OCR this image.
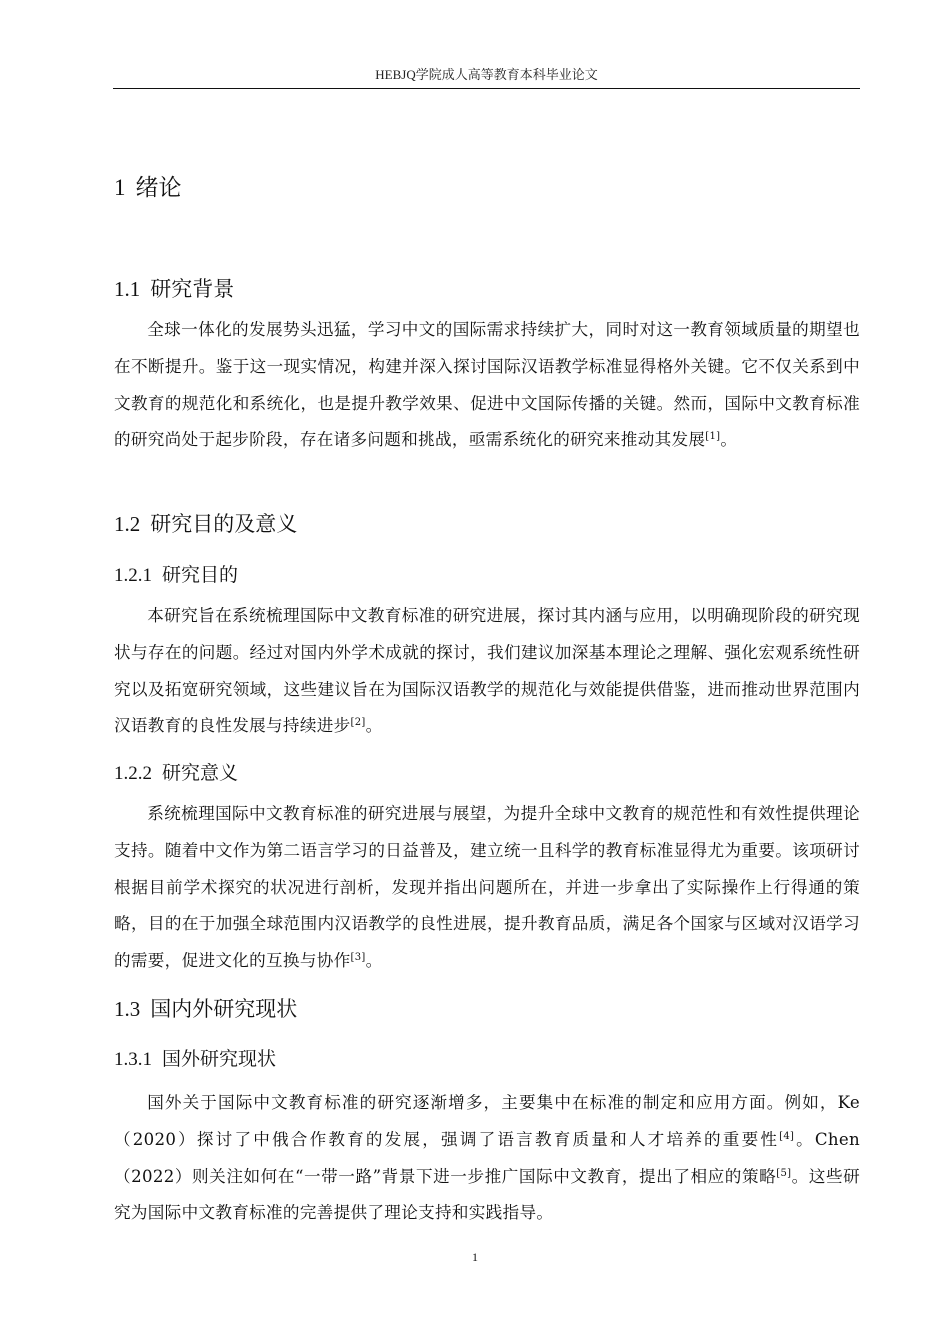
HEBJQ学院成人高等教育本科毕业论文
1 绪论
1.1 研究背景

全球一体化的发展势头迅猛，学习中文的国际需求持续扩大，同时对这一教育领域质量的期望也在不断提升。鉴于这一现实情况，构建并深入探讨国际汉语教学标准显得格外关键。它不仅关系到中文教育的规范化和系统化，也是提升教学效果、促进中文国际传播的关键。然而，国际中文教育标准的研究尚处于起步阶段，存在诸多问题和挑战，亟需系统化的研究来推动其发展[1]。

1.2 研究目的及意义
1.2.1 研究目的

本研究旨在系统梳理国际中文教育标准的研究进展，探讨其内涵与应用，以明确现阶段的研究现状与存在的问题。经过对国内外学术成就的探讨，我们建议加深基本理论之理解、强化宏观系统性研究以及拓宽研究领域，这些建议旨在为国际汉语教学的规范化与效能提供借鉴，进而推动世界范围内汉语教育的良性发展与持续进步[2]。

1.2.2 研究意义

系统梳理国际中文教育标准的研究进展与展望，为提升全球中文教育的规范性和有效性提供理论支持。随着中文作为第二语言学习的日益普及，建立统一且科学的教育标准显得尤为重要。该项研讨根据目前学术探究的状况进行剖析，发现并指出问题所在，并进一步拿出了实际操作上行得通的策略，目的在于加强全球范围内汉语教学的良性进展，提升教育品质，满足各个国家与区域对汉语学习的需要，促进文化的互换与协作[3]。

1.3 国内外研究现状
1.3.1 国外研究现状

国外关于国际中文教育标准的研究逐渐增多，主要集中在标准的制定和应用方面。例如，Ke（2020）探讨了中俄合作教育的发展，强调了语言教育质量和人才培养的重要性[4]。Chen（2022）则关注如何在“一带一路”背景下进一步推广国际中文教育，提出了相应的策略[5]。这些研究为国际中文教育标准的完善提供了理论支持和实践指导。

1
